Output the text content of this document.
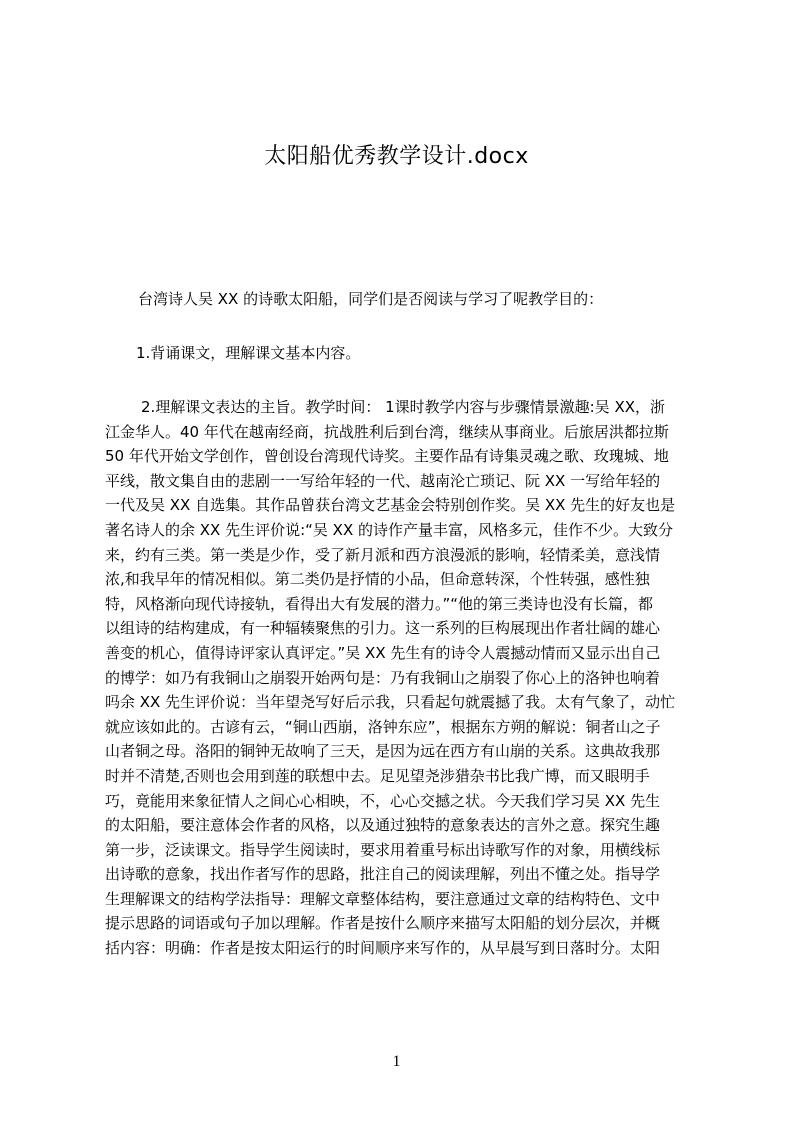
太阳船优秀教学设计.docx

台湾诗人吴 XX 的诗歌太阳船，同学们是否阅读与学习了呢教学目的：

1.背诵课文，理解课文基本内容。

2.理解课文表达的主旨。教学时间： 1课时教学内容与步骤情景激趣:吴 XX，浙
江金华人。40 年代在越南经商，抗战胜利后到台湾，继续从事商业。后旅居洪都拉斯
50 年代开始文学创作，曾创设台湾现代诗奖。主要作品有诗集灵魂之歌、玫瑰城、地
平线，散文集自由的悲剧一一写给年轻的一代、越南沦亡琐记、阮 XX 一写给年轻的
一代及吴 XX 自选集。其作品曾获台湾文艺基金会特别创作奖。吴 XX 先生的好友也是
著名诗人的余 XX 先生评价说:“吴 XX 的诗作产量丰富，风格多元，佳作不少。大致分
来，约有三类。第一类是少作，受了新月派和西方浪漫派的影响，轻情柔美，意浅情
浓,和我早年的情况相似。第二类仍是抒情的小品，但命意转深，个性转强，感性独
特，风格渐向现代诗接轨，看得出大有发展的潜力。”“他的第三类诗也没有长篇，都
以组诗的结构建成，有一种辐辏聚焦的引力。这一系列的巨构展现出作者壮阔的雄心
善变的机心，值得诗评家认真评定。”吴 XX 先生有的诗令人震撼动情而又显示出自己
的博学：如乃有我铜山之崩裂开始两句是：乃有我铜山之崩裂了你心上的洛钟也响着
吗余 XX 先生评价说：当年望尧写好后示我，只看起句就震撼了我。太有气象了，动忙
就应该如此的。古谚有云，“铜山西崩，洛钟东应”，根据东方朔的解说：铜者山之子
山者铜之母。洛阳的铜钟无故响了三天，是因为远在西方有山崩的关系。这典故我那
时并不清楚,否则也会用到莲的联想中去。足见望尧涉猎杂书比我广博，而又眼明手
巧，竟能用来象征情人之间心心相映，不，心心交撼之状。今天我们学习吴 XX 先生
的太阳船，要注意体会作者的风格，以及通过独特的意象表达的言外之意。探究生趣
第一步，泛读课文。指导学生阅读时，要求用着重号标出诗歌写作的对象，用横线标
出诗歌的意象，找出作者写作的思路，批注自己的阅读理解，列出不懂之处。指导学
生理解课文的结构学法指导：理解文章整体结构，要注意通过文章的结构特色、文中
提示思路的词语或句子加以理解。作者是按什么顺序来描写太阳船的划分层次，并概
括内容：明确：作者是按太阳运行的时间顺序来写作的，从早晨写到日落时分。太阳
1
